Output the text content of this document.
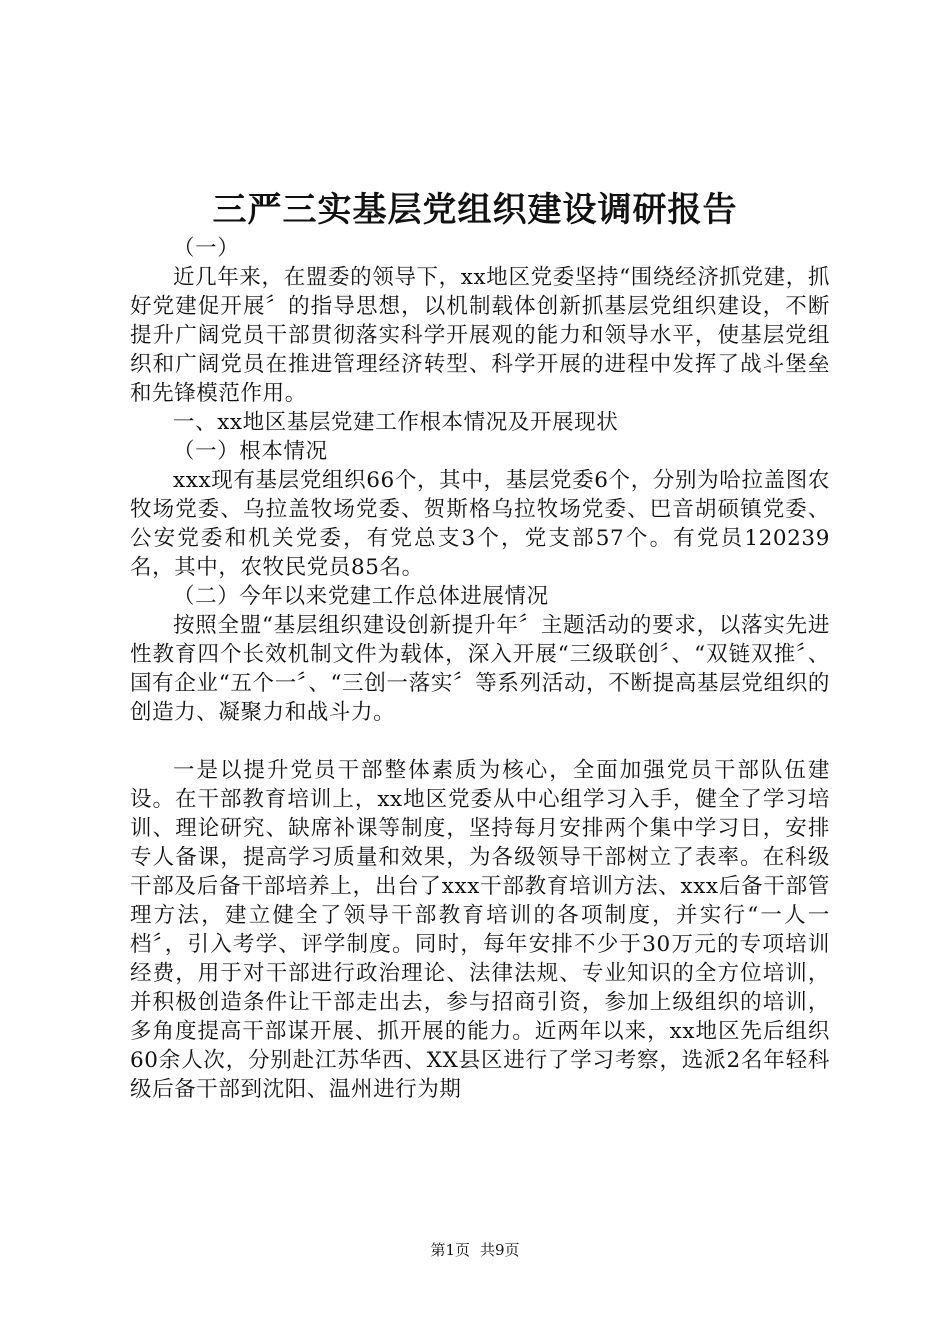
三严三实基层党组织建设调研报告

（一）

近几年来，在盟委的领导下，xx地区党委坚持“围绕经济抓党建，抓好党建促开展〞的指导思想，以机制载体创新抓基层党组织建设，不断提升广阔党员干部贯彻落实科学开展观的能力和领导水平，使基层党组织和广阔党员在推进管理经济转型、科学开展的进程中发挥了战斗堡垒和先锋模范作用。

一、xx地区基层党建工作根本情况及开展现状

（一）根本情况

xxx现有基层党组织66个，其中，基层党委6个，分别为哈拉盖图农牧场党委、乌拉盖牧场党委、贺斯格乌拉牧场党委、巴音胡硕镇党委、公安党委和机关党委，有党总支3个，党支部57个。有党员120239名，其中，农牧民党员85名。

（二）今年以来党建工作总体进展情况

按照全盟“基层组织建设创新提升年〞主题活动的要求，以落实先进性教育四个长效机制文件为载体，深入开展“三级联创〞、“双链双推〞、国有企业“五个一〞、“三创一落实〞等系列活动，不断提高基层党组织的创造力、凝聚力和战斗力。

一是以提升党员干部整体素质为核心，全面加强党员干部队伍建设。在干部教育培训上，xx地区党委从中心组学习入手，健全了学习培训、理论研究、缺席补课等制度，坚持每月安排两个集中学习日，安排专人备课，提高学习质量和效果，为各级领导干部树立了表率。在科级干部及后备干部培养上，出台了xxx干部教育培训方法、xxx后备干部管理方法，建立健全了领导干部教育培训的各项制度，并实行“一人一档〞，引入考学、评学制度。同时，每年安排不少于30万元的专项培训经费，用于对干部进行政治理论、法律法规、专业知识的全方位培训，并积极创造条件让干部走出去，参与招商引资，参加上级组织的培训，多角度提高干部谋开展、抓开展的能力。近两年以来，xx地区先后组织60余人次，分别赴江苏华西、XX县区进行了学习考察，选派2名年轻科级后备干部到沈阳、温州进行为期

第1页 共9页
